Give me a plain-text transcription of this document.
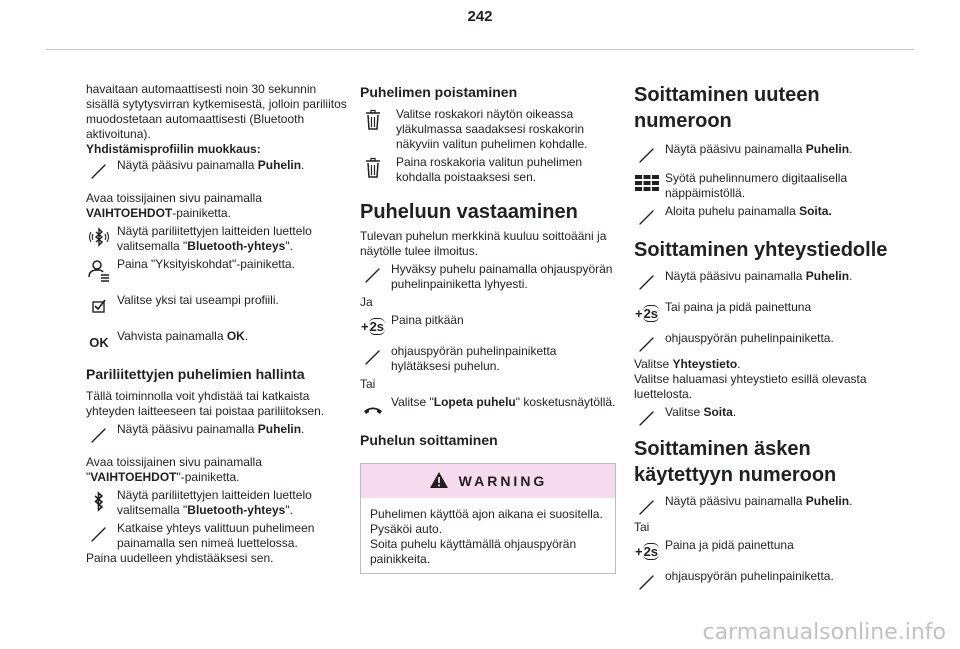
242

havaitaan automaattisesti noin 30 sekunnin sisällä sytytysvirran kytkemisestä, jolloin pariliitos muodostetaan automaattisesti (Bluetooth aktivoituna).

Yhdistämisprofiilin muokkaus:

Näytä pääsivu painamalla Puhelin.

Avaa toissijainen sivu painamalla
VAIHTOEHDOT-painiketta.

Näytä pariliitettyjen laitteiden luettelo valitsemalla "Bluetooth-yhteys".
Paina "Yksityiskohdat"-painiketta.
Valitse yksi tai useampi profiili.
OK Vahvista painamalla OK.
Pariliitettyjen puhelimien hallinta

Tällä toiminnolla voit yhdistää tai katkaista yhteyden laitteeseen tai poistaa pariliitoksen.

Näytä pääsivu painamalla Puhelin.

Avaa toissijainen sivu painamalla
"VAIHTOEHDOT"-painiketta.

Näytä pariliitettyjen laitteiden luettelo valitsemalla "Bluetooth-yhteys".
Katkaise yhteys valittuun puhelimeen painamalla sen nimeä luettelossa.

Paina uudelleen yhdistääksesi sen.

Puhelimen poistaminen
Valitse roskakori näytön oikeassa yläkulmassa saadaksesi roskakorin näkyviin valitun puhelimen kohdalle.
Paina roskakoria valitun puhelimen kohdalla poistaaksesi sen.
Puheluun vastaaminen

Tulevan puhelun merkkinä kuuluu soittoääni ja näytölle tulee ilmoitus.

Hyväksy puhelu painamalla ohjauspyörän puhelinpainiketta lyhyesti.

Ja

+ 2s Paina pitkään
ohjauspyörän puhelinpainiketta hylätäksesi puhelun.

Tai

Valitse "Lopeta puhelu" kosketusnäytöllä.
Puhelun soittaminen
WARNING

Puhelimen käyttöä ajon aikana ei suositella.

Pysäköi auto.

Soita puhelu käyttämällä ohjauspyörän painikkeita.

Soittaminen uuteen numeroon
Näytä pääsivu painamalla Puhelin.
Syötä puhelinnumero digitaalisella näppäimistöllä.
Aloita puhelu painamalla Soita.
Soittaminen yhteystiedolle
Näytä pääsivu painamalla Puhelin.
+ 2s Tai paina ja pidä painettuna
ohjauspyörän puhelinpainiketta.

Valitse Yhteystieto.

Valitse haluamasi yhteystieto esillä olevasta luettelosta.

Valitse Soita.
Soittaminen äsken käytettyyn numeroon
Näytä pääsivu painamalla Puhelin.

Tai

+ 2s Paina ja pidä painettuna
ohjauspyörän puhelinpainiketta.
carmanualsonline.info
